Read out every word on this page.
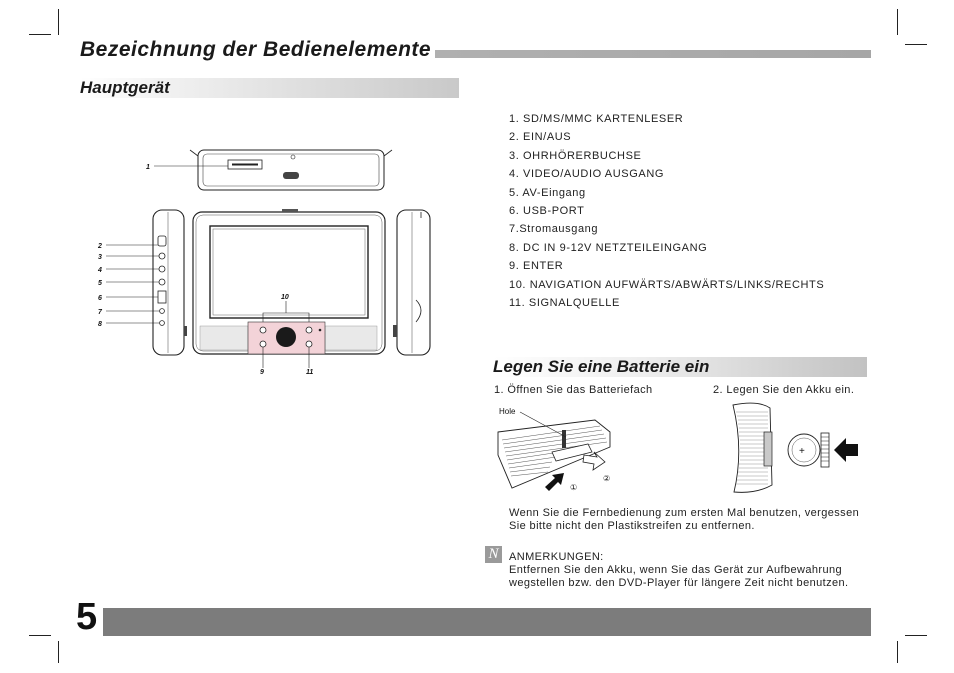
Bezeichnung der Bedienelemente
Hauptgerät
1
2
3
4
5
6
7
8
9
10
11
1. SD/MS/MMC KARTENLESER
2. EIN/AUS
3. OHRHÖRERBUCHSE
4. VIDEO/AUDIO AUSGANG
5. AV-Eingang
6. USB-PORT
7.Stromausgang
8. DC IN 9-12V NETZTEILEINGANG
9. ENTER
10. NAVIGATION AUFWÄRTS/ABWÄRTS/LINKS/RECHTS
11. SIGNALQUELLE
Legen Sie eine Batterie ein
1. Öffnen Sie das Batteriefach	2. Legen Sie den Akku ein.
Hole
①
②
+
Wenn Sie die Fernbedienung zum ersten Mal benutzen, vergessen Sie bitte nicht den Plastikstreifen zu entfernen.
N ANMERKUNGEN:
Entfernen Sie den Akku, wenn Sie das Gerät zur Aufbewahrung wegstellen bzw. den DVD-Player für längere Zeit nicht benutzen.
5
